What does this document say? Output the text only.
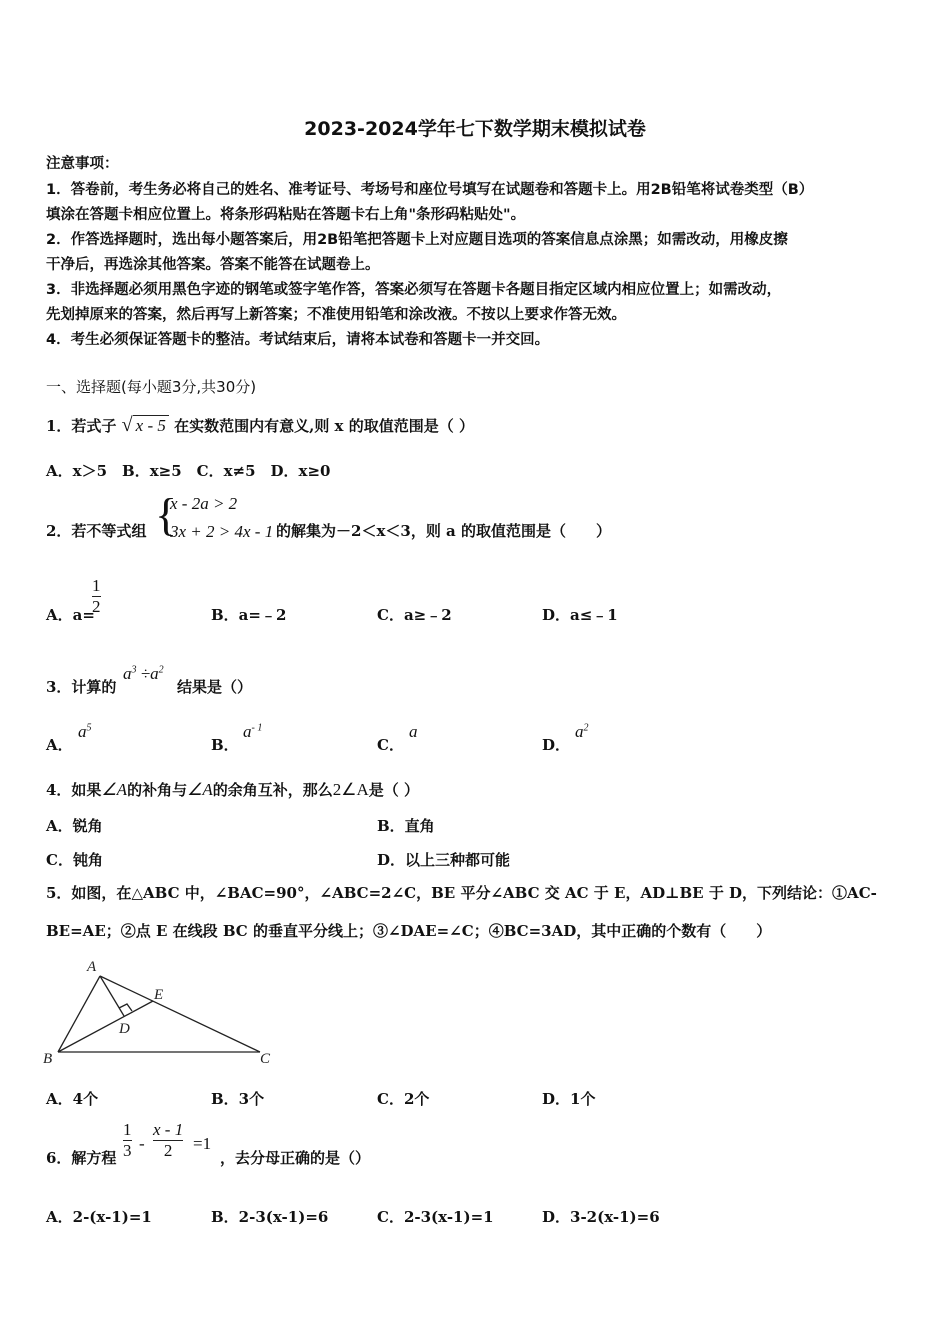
2023-2024学年七下数学期末模拟试卷
注意事项：
1．答卷前，考生务必将自己的姓名、准考证号、考场号和座位号填写在试题卷和答题卡上。用2B铅笔将试卷类型（B）
填涂在答题卡相应位置上。将条形码粘贴在答题卡右上角"条形码粘贴处"。
2．作答选择题时，选出每小题答案后，用2B铅笔把答题卡上对应题目选项的答案信息点涂黑；如需改动，用橡皮擦
干净后，再选涂其他答案。答案不能答在试题卷上。
3．非选择题必须用黑色字迹的钢笔或签字笔作答，答案必须写在答题卡各题目指定区域内相应位置上；如需改动，
先划掉原来的答案，然后再写上新答案；不准使用铅笔和涂改液。不按以上要求作答无效。
4．考生必须保证答题卡的整洁。考试结束后，请将本试卷和答题卡一并交回。
一、选择题(每小题3分,共30分)
1．若式子 √ x - 5 在实数范围内有意义,则 x 的取值范围是（ ）
A．x＞5　B．x≥5　C．x≠5　D．x≥0
2．若不等式组 {
x - 2a > 2
3x + 2 > 4x - 1 的解集为－2＜x＜3，则 a 的取值范围是（　　）
A．a=
1
2	B．a=﹣2	C．a≥﹣2	D．a≤﹣1
3．计算的
$a^3 \div a^2$
结果是（）
A．
$a^5$
B．
$a^{- 1}$
C．
a
D．
$a^2$
4．如果∠A的补角与∠A的余角互补，那么2∠A是（ ）
A．锐角	B．直角
C．钝角	D．以上三种都可能
5．如图，在△ABC 中，∠BAC=90°，∠ABC=2∠C，BE 平分∠ABC 交 AC 于 E，AD⊥BE 于 D，下列结论：①AC-
BE=AE；②点 E 在线段 BC 的垂直平分线上；③∠DAE=∠C；④BC=3AD，其中正确的个数有（　　）
A
B	C
D
E
A．4个	B．3个	C．2个	D．1个
6．解方程
1
3 -
x - 1
2 =1
，去分母正确的是（）
A．2-(x-1)=1	B．2-3(x-1)=6	C．2-3(x-1)=1	D．3-2(x-1)=6
